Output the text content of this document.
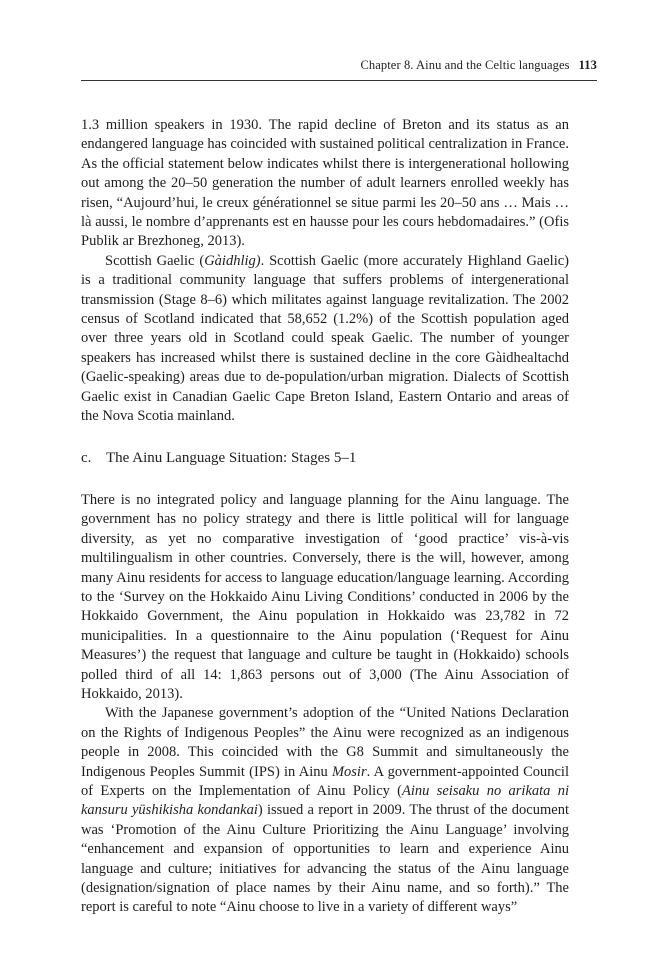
Chapter 8. Ainu and the Celtic languages 113

1.3 million speakers in 1930. The rapid decline of Breton and its status as an endangered language has coincided with sustained political centralization in France. As the official statement below indicates whilst there is intergenerational hollowing out among the 20–50 generation the number of adult learners enrolled weekly has risen, “Aujourd’hui, le creux générationnel se situe parmi les 20–50 ans … Mais … là aussi, le nombre d’apprenants est en hausse pour les cours hebdomadaires.” (Ofis Publik ar Brezhoneg, 2013).

Scottish Gaelic (Gàidhlig). Scottish Gaelic (more accurately Highland Gaelic) is a traditional community language that suffers problems of intergenerational transmission (Stage 8–6) which militates against language revitalization. The 2002 census of Scotland indicated that 58,652 (1.2%) of the Scottish population aged over three years old in Scotland could speak Gaelic. The number of younger speakers has increased whilst there is sustained decline in the core Gàidhealtachd (Gaelic-speaking) areas due to de-population/urban migration. Dialects of Scottish Gaelic exist in Canadian Gaelic Cape Breton Island, Eastern Ontario and areas of the Nova Scotia mainland.

c. The Ainu Language Situation: Stages 5–1

There is no integrated policy and language planning for the Ainu language. The government has no policy strategy and there is little political will for language diversity, as yet no comparative investigation of ‘good practice’ vis-à-vis multilingualism in other countries. Conversely, there is the will, however, among many Ainu residents for access to language education/language learning. According to the ‘Survey on the Hokkaido Ainu Living Conditions’ conducted in 2006 by the Hokkaido Government, the Ainu population in Hokkaido was 23,782 in 72 municipalities. In a questionnaire to the Ainu population (‘Request for Ainu Measures’) the request that language and culture be taught in (Hokkaido) schools polled third of all 14: 1,863 persons out of 3,000 (The Ainu Association of Hokkaido, 2013).

With the Japanese government’s adoption of the “United Nations Declaration on the Rights of Indigenous Peoples” the Ainu were recognized as an indigenous people in 2008. This coincided with the G8 Summit and simultaneously the Indigenous Peoples Summit (IPS) in Ainu Mosir. A government-appointed Council of Experts on the Implementation of Ainu Policy (Ainu seisaku no arikata ni kansuru yūshikisha kondankai) issued a report in 2009. The thrust of the document was ‘Promotion of the Ainu Culture Prioritizing the Ainu Language’ involving “enhancement and expansion of opportunities to learn and experience Ainu language and culture; initiatives for advancing the status of the Ainu language (designation/signation of place names by their Ainu name, and so forth).” The report is careful to note “Ainu choose to live in a variety of different ways”
